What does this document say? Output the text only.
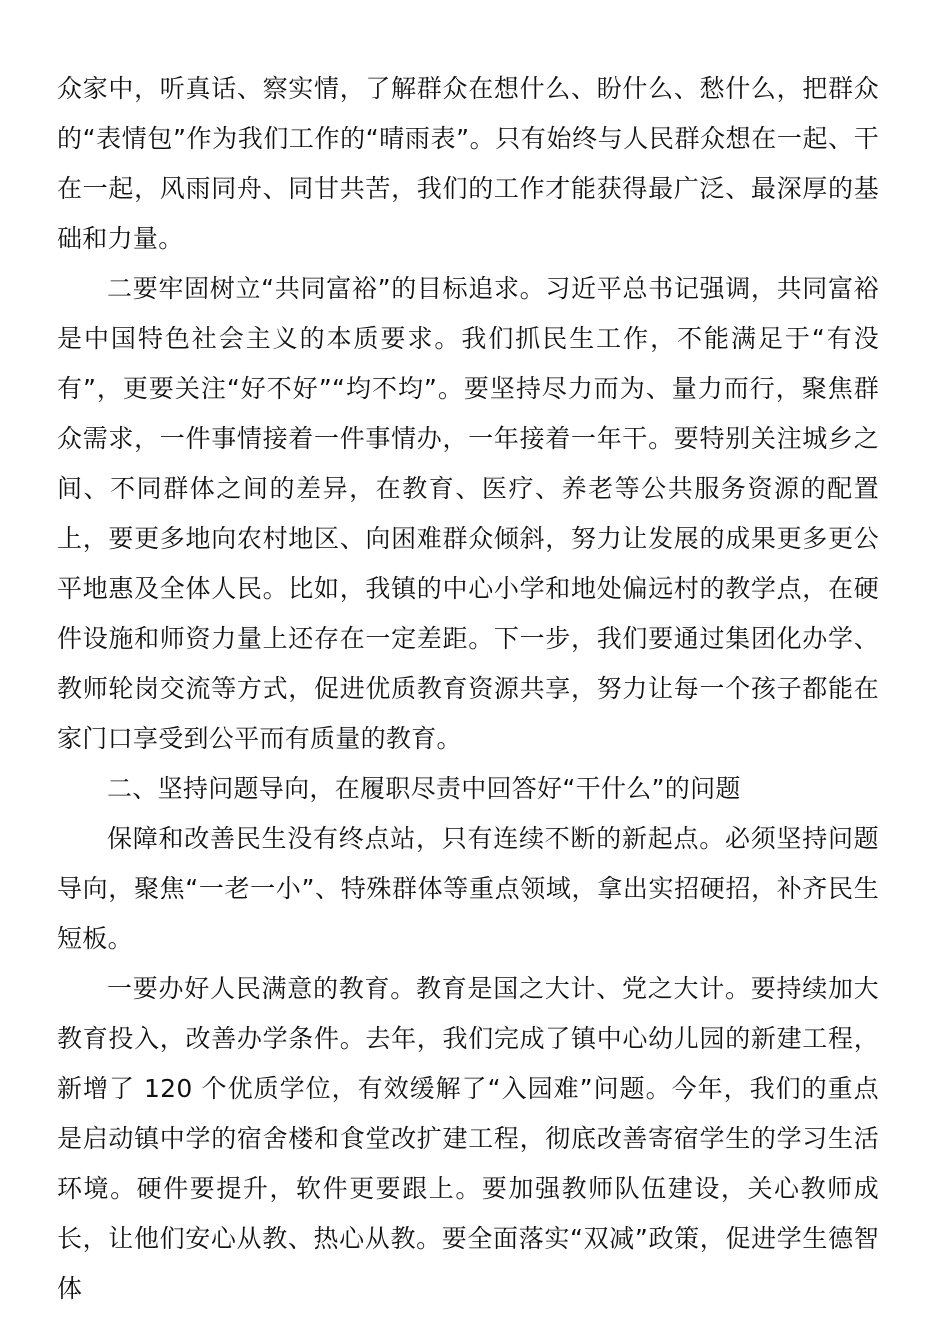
众家中，听真话、察实情，了解群众在想什么、盼什么、愁什么，把群众的“表情包”作为我们工作的“晴雨表”。只有始终与人民群众想在一起、干在一起，风雨同舟、同甘共苦，我们的工作才能获得最广泛、最深厚的基础和力量。

二要牢固树立“共同富裕”的目标追求。习近平总书记强调，共同富裕是中国特色社会主义的本质要求。我们抓民生工作，不能满足于“有没有”，更要关注“好不好”“均不均”。要坚持尽力而为、量力而行，聚焦群众需求，一件事情接着一件事情办，一年接着一年干。要特别关注城乡之间、不同群体之间的差异，在教育、医疗、养老等公共服务资源的配置上，要更多地向农村地区、向困难群众倾斜，努力让发展的成果更多更公平地惠及全体人民。比如，我镇的中心小学和地处偏远村的教学点，在硬件设施和师资力量上还存在一定差距。下一步，我们要通过集团化办学、教师轮岗交流等方式，促进优质教育资源共享，努力让每一个孩子都能在家门口享受到公平而有质量的教育。

二、坚持问题导向，在履职尽责中回答好“干什么”的问题

保障和改善民生没有终点站，只有连续不断的新起点。必须坚持问题导向，聚焦“一老一小”、特殊群体等重点领域，拿出实招硬招，补齐民生短板。

一要办好人民满意的教育。教育是国之大计、党之大计。要持续加大教育投入，改善办学条件。去年，我们完成了镇中心幼儿园的新建工程，新增了 120 个优质学位，有效缓解了“入园难”问题。今年，我们的重点是启动镇中学的宿舍楼和食堂改扩建工程，彻底改善寄宿学生的学习生活环境。硬件要提升，软件更要跟上。要加强教师队伍建设，关心教师成长，让他们安心从教、热心从教。要全面落实“双减”政策，促进学生德智体
